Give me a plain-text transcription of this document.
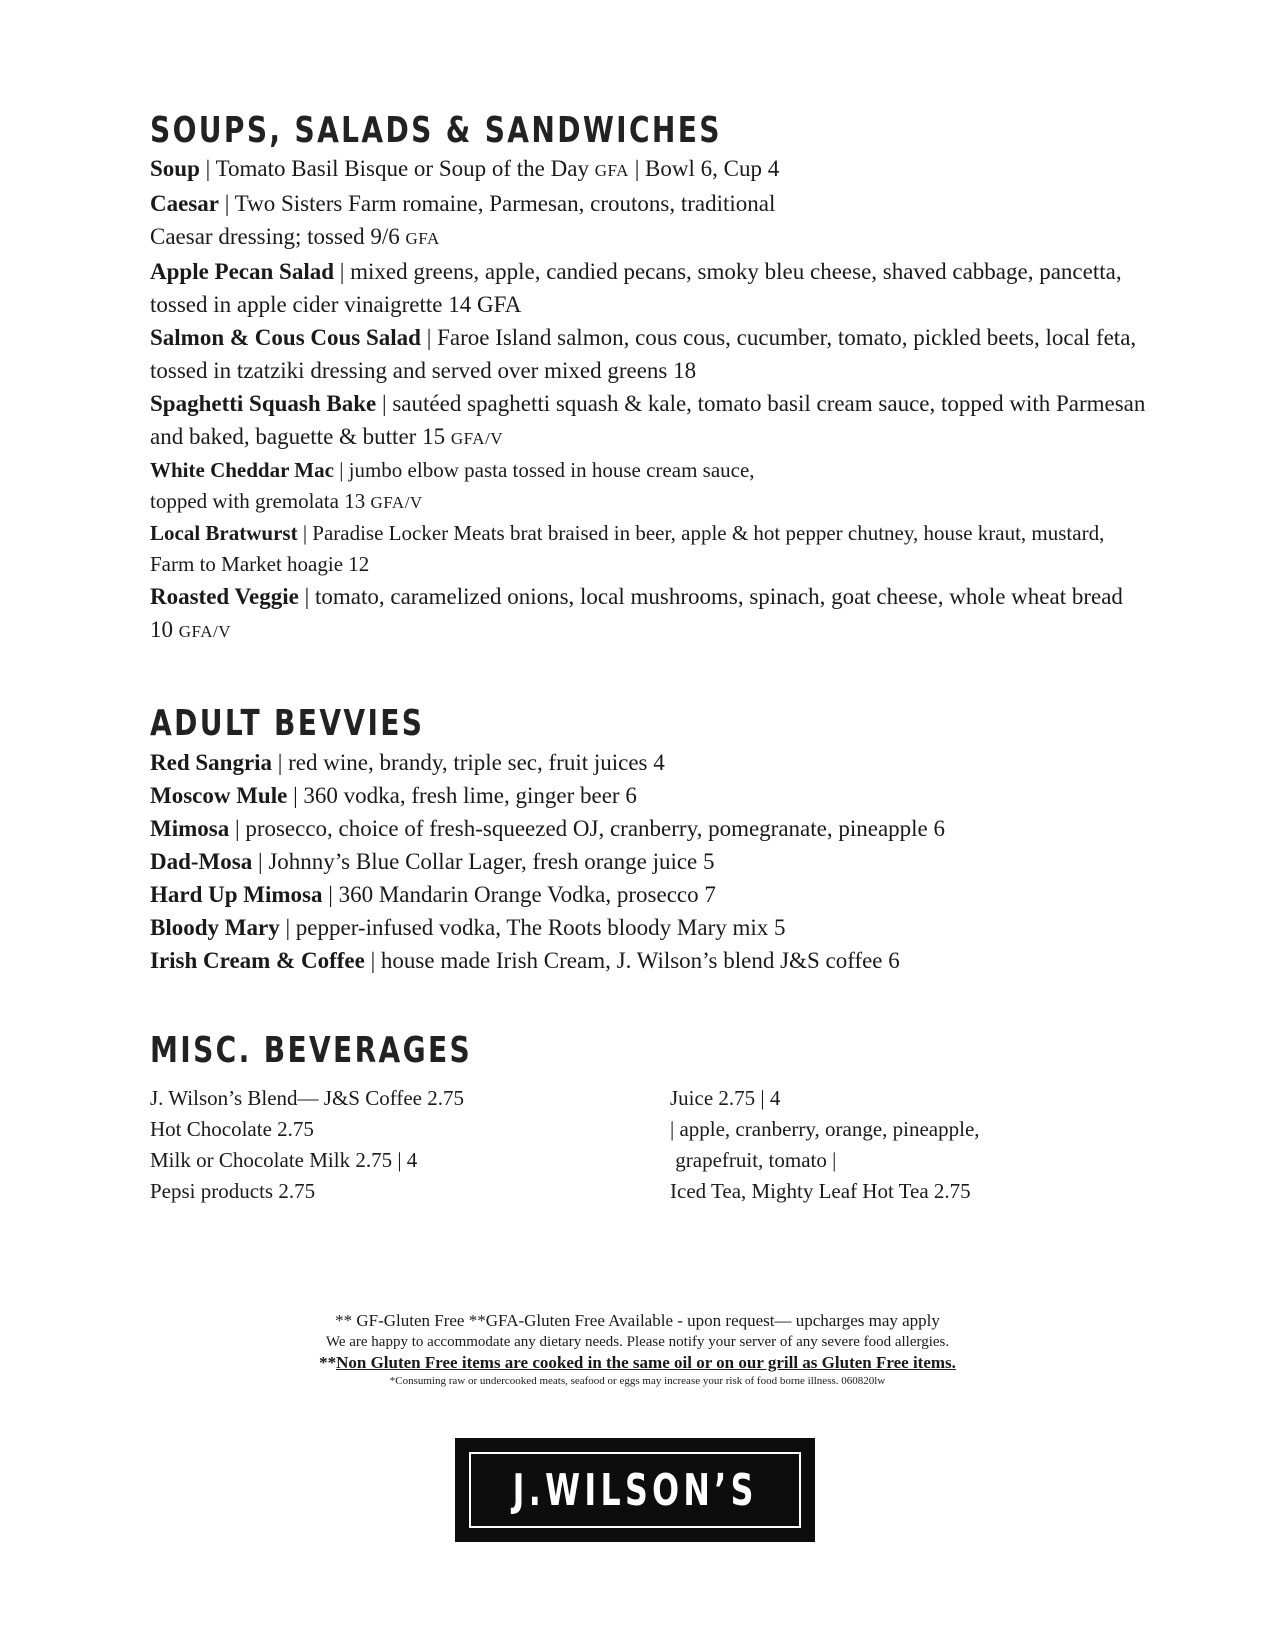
SOUPS, SALADS & SANDWICHES
Soup | Tomato Basil Bisque or Soup of the Day GFA | Bowl 6, Cup 4
Caesar | Two Sisters Farm romaine, Parmesan, croutons, traditional
Caesar dressing; tossed 9/6 GFA
Apple Pecan Salad | mixed greens, apple, candied pecans, smoky bleu cheese, shaved cabbage, pancetta, tossed in apple cider vinaigrette 14 GFA
Salmon & Cous Cous Salad | Faroe Island salmon, cous cous, cucumber, tomato, pickled beets, local feta, tossed in tzatziki dressing and served over mixed greens 18
Spaghetti Squash Bake | sautéed spaghetti squash & kale, tomato basil cream sauce, topped with Parmesan and baked, baguette & butter 15 GFA/V
White Cheddar Mac | jumbo elbow pasta tossed in house cream sauce,
topped with gremolata 13 GFA/V
Local Bratwurst | Paradise Locker Meats brat braised in beer, apple & hot pepper chutney, house kraut, mustard, Farm to Market hoagie 12
Roasted Veggie | tomato, caramelized onions, local mushrooms, spinach, goat cheese, whole wheat bread 10 GFA/V
ADULT BEVVIES
Red Sangria | red wine, brandy, triple sec, fruit juices 4
Moscow Mule | 360 vodka, fresh lime, ginger beer 6
Mimosa | prosecco, choice of fresh-squeezed OJ, cranberry, pomegranate, pineapple 6
Dad-Mosa | Johnny’s Blue Collar Lager, fresh orange juice 5
Hard Up Mimosa | 360 Mandarin Orange Vodka, prosecco 7
Bloody Mary | pepper-infused vodka, The Roots bloody Mary mix 5
Irish Cream & Coffee | house made Irish Cream, J. Wilson’s blend J&S coffee 6
MISC. BEVERAGES
J. Wilson’s Blend— J&S Coffee 2.75
Hot Chocolate 2.75
Milk or Chocolate Milk 2.75 | 4
Pepsi products 2.75
Juice 2.75 | 4
| apple, cranberry, orange, pineapple,
grapefruit, tomato |
Iced Tea, Mighty Leaf Hot Tea 2.75
** GF-Gluten Free **GFA-Gluten Free Available - upon request— upcharges may apply
We are happy to accommodate any dietary needs. Please notify your server of any severe food allergies.
**Non Gluten Free items are cooked in the same oil or on our grill as Gluten Free items.
*Consuming raw or undercooked meats, seafood or eggs may increase your risk of food borne illness. 060820lw
J.WILSON’S
